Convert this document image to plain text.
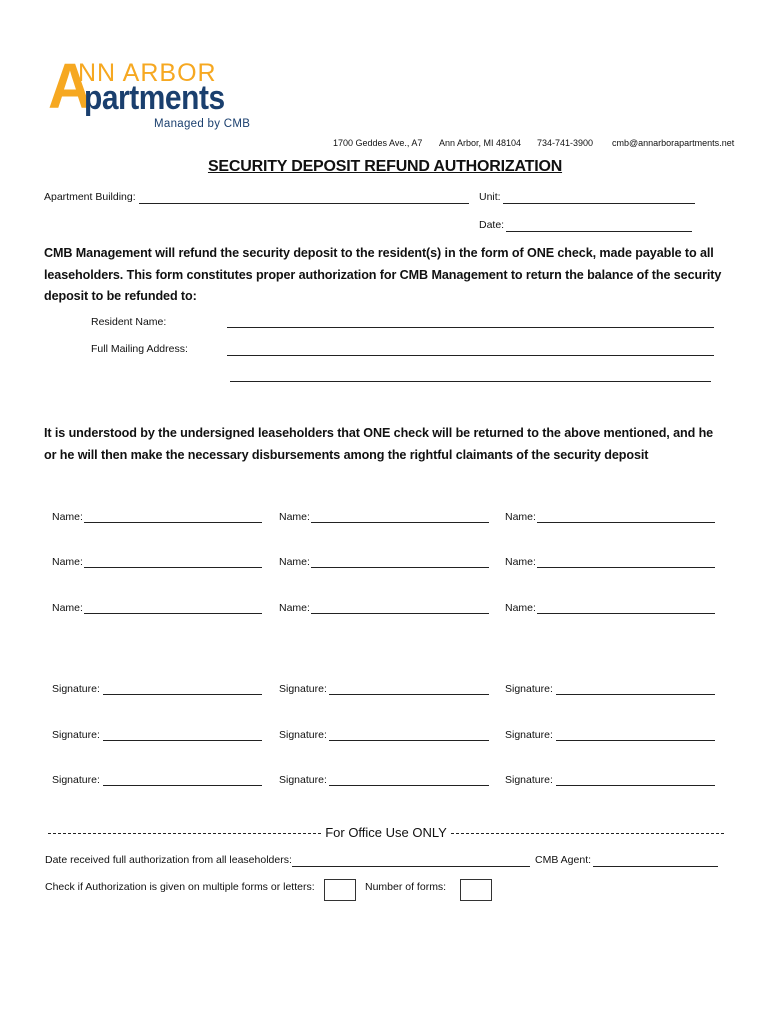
A
NN ARBOR
partments
Managed by CMB
1700 Geddes Ave., A7 Ann Arbor, MI 48104 734-741-3900 cmb@annarborapartments.net
SECURITY DEPOSIT REFUND AUTHORIZATION
Apartment Building:	Unit:
Date:
CMB Management will refund the security deposit to the resident(s) in the form of ONE check, made payable to all leaseholders. This form constitutes proper authorization for CMB Management to return the balance of the security deposit to be refunded to:
Resident Name:
Full Mailing Address:
It is understood by the undersigned leaseholders that ONE check will be returned to the above mentioned, and he or he will then make the necessary disbursements among the rightful claimants of the security deposit
Name:	Name:	Name:
Name:	Name:	Name:
Name:	Name:	Name:
Signature:	Signature:	Signature:
Signature:	Signature:	Signature:
Signature:	Signature:	Signature:
For Office Use ONLY
Date received full authorization from all leaseholders:	CMB Agent:
Check if Authorization is given on multiple forms or letters:	Number of forms:
